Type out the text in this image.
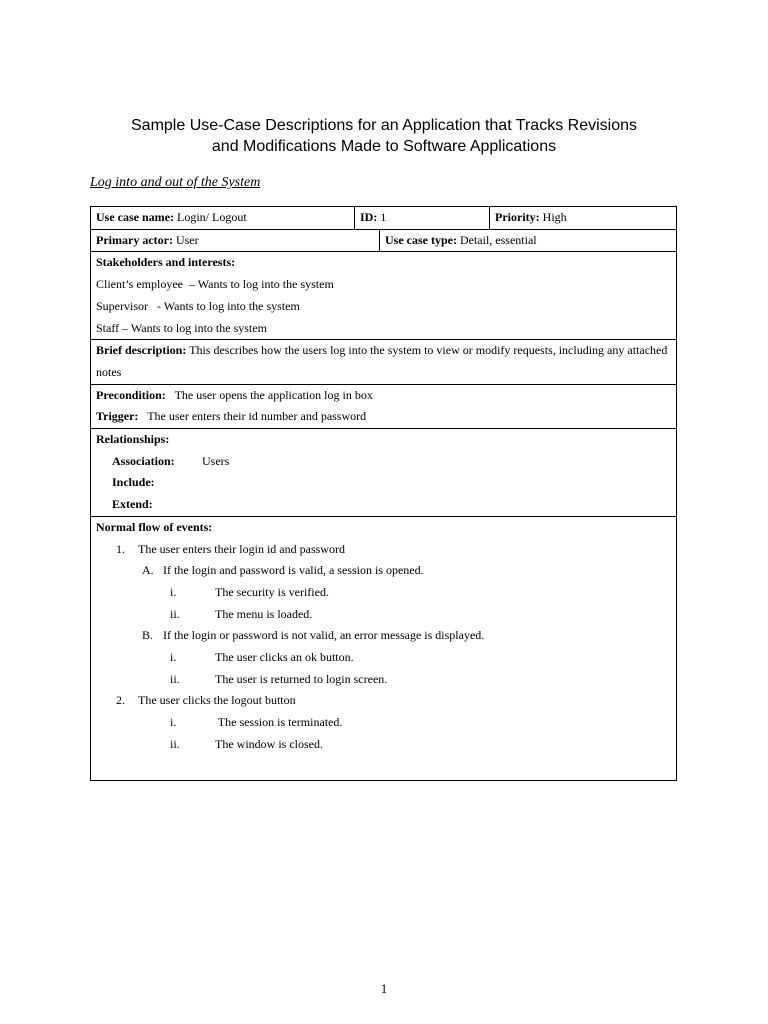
Sample Use-Case Descriptions for an Application that Tracks Revisions
and Modifications Made to Software Applications
Log into and out of the System
Use case name: Login/ Logout	ID: 1	Priority: High
Primary actor: User	Use case type: Detail, essential
Stakeholders and interests:
Client’s employee  – Wants to log into the system
Supervisor   - Wants to log into the system
Staff – Wants to log into the system
Brief description: This describes how the users log into the system to view or modify requests, including any attached notes
Precondition:   The user opens the application log in box
Trigger:   The user enters their id number and password
Relationships:
Association: Users
Include:
Extend:
Normal flow of events:
1. The user enters their login id and password
A. If the login and password is valid, a session is opened.
i.	The security is verified.
ii.	The menu is loaded.
B. If the login or password is not valid, an error message is displayed.
i.	The user clicks an ok button.
ii.	The user is returned to login screen.
2. The user clicks the logout button
i.	The session is terminated.
ii.	The window is closed.
1
